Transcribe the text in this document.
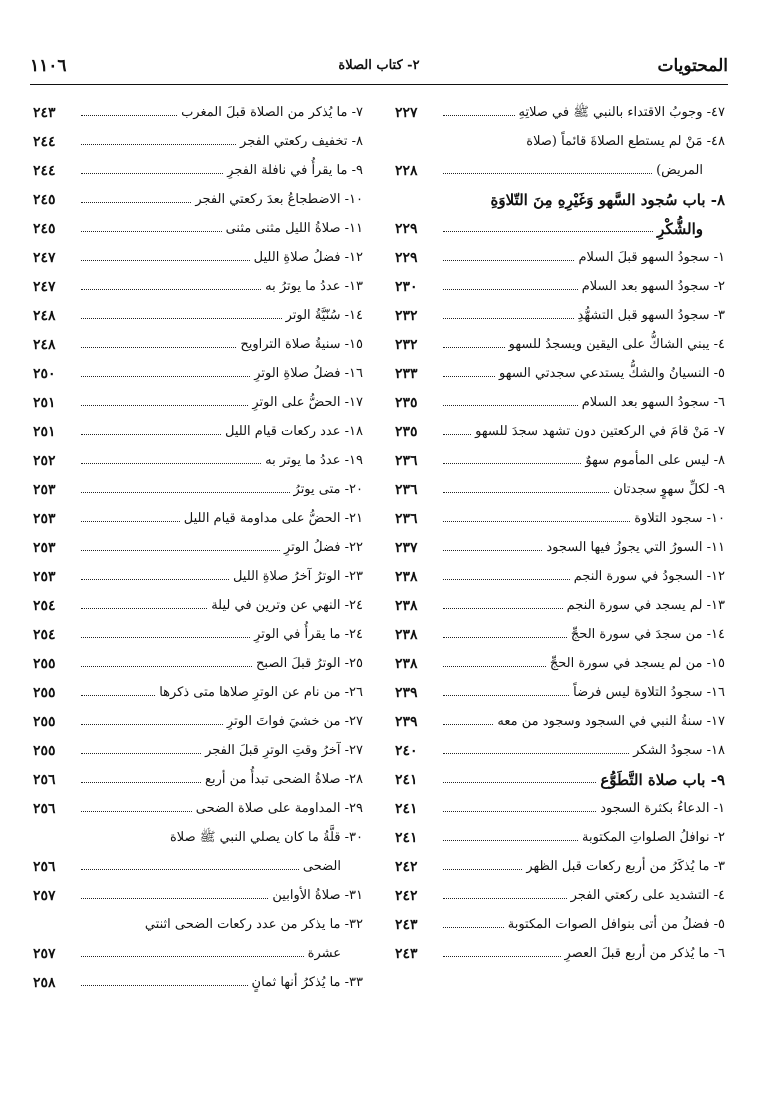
المحتويات
٢- كتاب الصلاة
١١٠٦
٤٧- وجوبُ الاقتداء بالنبي ﷺ في صلاتِهِ
٢٢٧
٤٨- مَنْ لم يستطع الصلاةَ قائماً (صلاة
المريض)
٢٢٨
٨- باب سُجود السَّهو وَغَيْرِهِ مِنَ التّلاوَةِ
والشُّكْرِ
٢٢٩
١- سجودُ السهو قبلَ السلام
٢٢٩
٢- سجودُ السهو بعد السلام
٢٣٠
٣- سجودُ السهو قبل التشهُّدِ
٢٣٢
٤- يبني الشاكُّ على اليقين ويسجدُ للسهو
٢٣٢
٥- النسيانُ والشكُّ يستدعي سجدتي السهو
٢٣٣
٦- سجودُ السهو بعد السلام
٢٣٥
٧- مَنْ قامَ في الركعتين دون تشهد سجدَ للسهو
٢٣٥
٨- ليس على المأموم سهوٌ
٢٣٦
٩- لكلِّ سهوٍ سجدتان
٢٣٦
١٠- سجود التلاوة
٢٣٦
١١- السورُ التي يجوزُ فيها السجود
٢٣٧
١٢- السجودُ في سورة النجم
٢٣٨
١٣- لم يسجد في سورة النجم
٢٣٨
١٤- من سجدَ في سورة الحجِّ
٢٣٨
١٥- من لم يسجد في سورة الحجِّ
٢٣٨
١٦- سجودُ التلاوة ليس فرضاً
٢٣٩
١٧- سنةُ النبي في السجود وسجود من معه
٢٣٩
١٨- سجودُ الشكر
٢٤٠
٩- باب صلاة التَّطَوُّع
٢٤١
١- الدعاءُ بكثرة السجود
٢٤١
٢- نوافلُ الصلواتِ المكتوبة
٢٤١
٣- ما يُذكَرُ من أربع ركعات قبل الظهر
٢٤٢
٤- التشديد على ركعتي الفجر
٢٤٢
٥- فضلُ من أتى بنوافل الصوات المكتوبة
٢٤٣
٦- ما يُذكر من أربع قبلَ العصرِ
٢٤٣
٧- ما يُذكر من الصلاة قبلَ المغرب
٢٤٣
٨- تخفيف ركعتي الفجر
٢٤٤
٩- ما يقرأُ في نافلة الفجرِ
٢٤٤
١٠- الاضطجاعُ بعدَ ركعتي الفجر
٢٤٥
١١- صلاةُ الليل مثنى مثنى
٢٤٥
١٢- فضلُ صلاةِ الليل
٢٤٧
١٣- عددُ ما يوترُ به
٢٤٧
١٤- سُنّيَّةُ الوتر
٢٤٨
١٥- سنيةُ صلاة التراويح
٢٤٨
١٦- فضلُ صلاةِ الوترِ
٢٥٠
١٧- الحضُّ على الوترِ
٢٥١
١٨- عدد ركعات قيام الليل
٢٥١
١٩- عددُ ما يوتر به
٢٥٢
٢٠- متى يوترُ
٢٥٣
٢١- الحضُّ على مداومة قيام الليل
٢٥٣
٢٢- فضلُ الوترِ
٢٥٣
٢٣- الوترُ آخرُ صلاةِ الليل
٢٥٣
٢٤- النهي عن وترين في ليلة
٢٥٤
٢٤- ما يقرأُ في الوترِ
٢٥٤
٢٥- الوترُ قبلَ الصبح
٢٥٥
٢٦- من نام عن الوترِ صلاها متى ذكرها
٢٥٥
٢٧- من خشيَ فواتَ الوترِ
٢٥٥
٢٧- آخرُ وقتِ الوترِ قبلَ الفجر
٢٥٥
٢٨- صلاةُ الضحى تبدأُ من أربع
٢٥٦
٢٩- المداومة على صلاة الضحى
٢٥٦
٣٠- قلَّةُ ما كان يصلي النبي ﷺ صلاة
الضحى
٢٥٦
٣١- صلاةُ الأوابين
٢٥٧
٣٢- ما يذكر من عدد ركعات الضحى اثنتي
عشرة
٢٥٧
٣٣- ما يُذكرُ أنها ثمانٍ
٢٥٨
